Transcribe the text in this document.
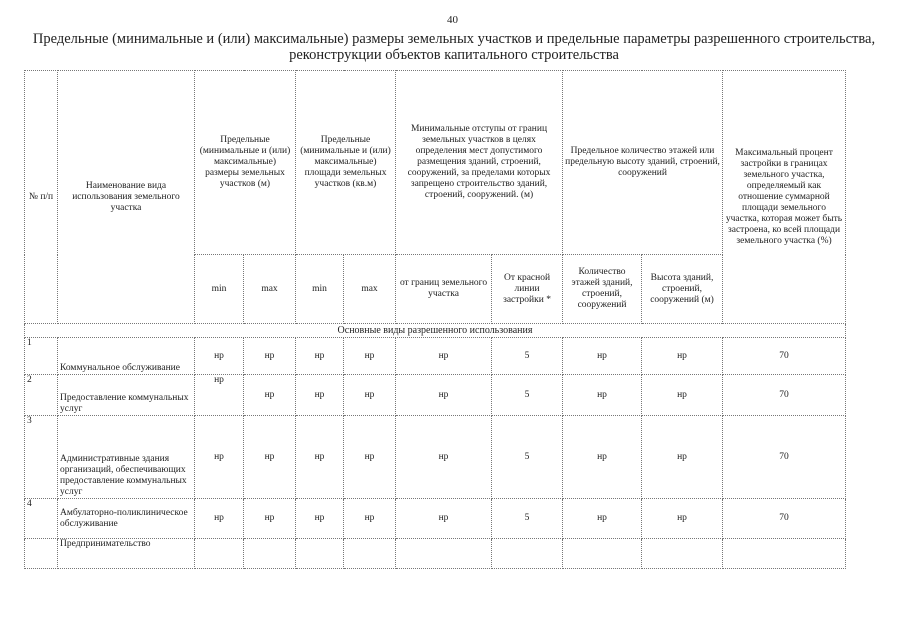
40
Предельные (минимальные и (или) максимальные) размеры земельных участков и предельные параметры разрешенного строительства, реконструкции объектов капитального строительства
№ п/п	Наименование вида использования земельного участка	Предельные (минимальные и (или) максимальные) размеры земельных участков (м)		Предельные (минимальные и (или) максимальные) площади земельных участков (кв.м)		Минимальные отступы от границ земельных участков в целях определения мест допустимого размещения зданий, строений, сооружений, за пределами которых запрещено строительство зданий, строений, сооружений. (м)		Предельное количество этажей или предельную высоту зданий, строений, сооружений		Максимальный процент застройки в границах земельного участка, определяемый как отношение суммарной площади земельного участка, которая может быть застроена, ко всей площади земельного участка (%)
		min	max	min	max	от границ земельного участка	От красной линии застройки *	Количество этажей зданий, строений, сооружений	Высота зданий, строений, сооружений (м)	
Основные виды разрешенного использования										
1	Коммунальное обслуживание	нр	нр	нр	нр	нр	5	нр	нр	70
2	Предоставление коммунальных услуг	нр	нр	нр	нр	нр	5	нр	нр	70
3	Административные здания организаций, обеспечивающих предоставление коммунальных услуг	нр	нр	нр	нр	нр	5	нр	нр	70
4	Амбулаторно-поликлиническое обслуживание	нр	нр	нр	нр	нр	5	нр	нр	70
	Предпринимательство									
